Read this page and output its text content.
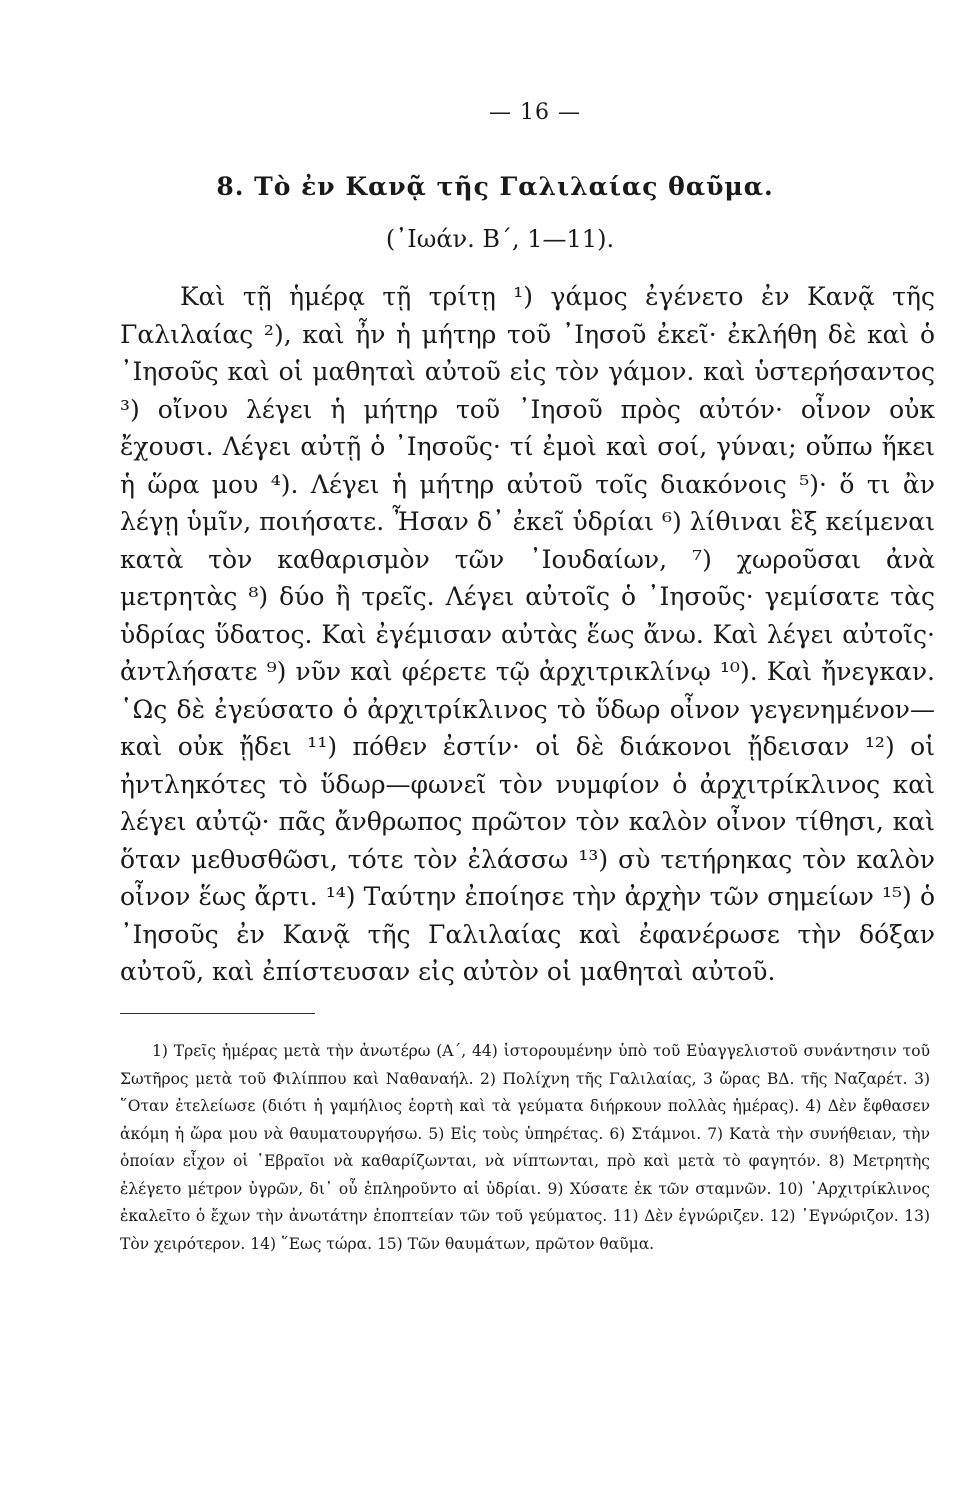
— 16 —
8. Τὸ ἐν Κανᾷ τῆς Γαλιλαίας θαῦμα.
(᾿Ιωάν. Β΄, 1—11).

Καὶ τῇ ἡμέρᾳ τῇ τρίτῃ ¹) γάμος ἐγένετο ἐν Κανᾷ τῆς Γαλιλαίας ²), καὶ ἦν ἡ μήτηρ τοῦ ᾿Ιησοῦ ἐκεῖ· ἐκλήθη δὲ καὶ ὁ ᾿Ιησοῦς καὶ οἱ μαθηταὶ αὐτοῦ εἰς τὸν γάμον. καὶ ὑστερήσαντος ³) οἴνου λέγει ἡ μήτηρ τοῦ ᾿Ιησοῦ πρὸς αὐτόν· οἶνον οὐκ ἔχουσι. Λέγει αὐτῇ ὁ ᾿Ιησοῦς· τί ἐμοὶ καὶ σοί, γύναι; οὔπω ἥκει ἡ ὥρα μου ⁴). Λέγει ἡ μήτηρ αὐτοῦ τοῖς διακόνοις ⁵)· ὅ τι ἂν λέγῃ ὑμῖν, ποιήσατε. Ἦσαν δ᾿ ἐκεῖ ὑδρίαι ⁶) λίθιναι ἓξ κείμεναι κατὰ τὸν καθαρισμὸν τῶν ᾿Ιουδαίων, ⁷) χωροῦσαι ἀνὰ μετρητὰς ⁸) δύο ἢ τρεῖς. Λέγει αὐτοῖς ὁ ᾿Ιησοῦς· γεμίσατε τὰς ὑδρίας ὕδατος. Καὶ ἐγέμισαν αὐτὰς ἕως ἄνω. Καὶ λέγει αὐτοῖς· ἀντλήσατε ⁹) νῦν καὶ φέρετε τῷ ἀρχιτρικλίνῳ ¹⁰). Καὶ ἤνεγκαν. ῾Ως δὲ ἐγεύσατο ὁ ἀρχιτρίκλινος τὸ ὕδωρ οἶνον γεγενημένον— καὶ οὐκ ᾔδει ¹¹) πόθεν ἐστίν· οἱ δὲ διάκονοι ᾔδεισαν ¹²) οἱ ἠντληκότες τὸ ὕδωρ—φωνεῖ τὸν νυμφίον ὁ ἀρχιτρίκλινος καὶ λέγει αὐτῷ· πᾶς ἄνθρωπος πρῶτον τὸν καλὸν οἶνον τίθησι, καὶ ὅταν μεθυσθῶσι, τότε τὸν ἐλάσσω ¹³) σὺ τετήρηκας τὸν καλὸν οἶνον ἕως ἄρτι. ¹⁴) Ταύτην ἐποίησε τὴν ἀρχὴν τῶν σημείων ¹⁵) ὁ ᾿Ιησοῦς ἐν Κανᾷ τῆς Γαλιλαίας καὶ ἐφανέρωσε τὴν δόξαν αὐτοῦ, καὶ ἐπίστευσαν εἰς αὐτὸν οἱ μαθηταὶ αὐτοῦ.

1) Τρεῖς ἡμέρας μετὰ τὴν ἀνωτέρω (Α΄, 44) ἱστορουμένην ὑπὸ τοῦ Εὐαγγελιστοῦ συνάντησιν τοῦ Σωτῆρος μετὰ τοῦ Φιλίππου καὶ Ναθαναήλ. 2) Πολίχνη τῆς Γαλιλαίας, 3 ὥρας ΒΔ. τῆς Ναζαρέτ. 3) ῞Οταν ἐτελείωσε (διότι ἡ γαμήλιος ἑορτὴ καὶ τὰ γεύματα διήρκουν πολλὰς ἡμέρας). 4) Δὲν ἔφθασεν ἀκόμη ἡ ὥρα μου νὰ θαυματουργήσω. 5) Εἰς τοὺς ὑπηρέτας. 6) Στάμνοι. 7) Κατὰ τὴν συνήθειαν, τὴν ὁποίαν εἶχον οἱ ῾Εβραῖοι νὰ καθαρίζωνται, νὰ νίπτωνται, πρὸ καὶ μετὰ τὸ φαγητόν. 8) Μετρητὴς ἐλέγετο μέτρον ὑγρῶν, δι᾿ οὗ ἐπληροῦντο αἱ ὑδρίαι. 9) Χύσατε ἐκ τῶν σταμνῶν. 10) ᾿Αρχιτρίκλινος ἐκαλεῖτο ὁ ἔχων τὴν ἀνωτάτην ἐποπτείαν τῶν τοῦ γεύματος. 11) Δὲν ἐγνώριζεν. 12) ᾿Εγνώριζον. 13) Τὸν χειρότερον. 14) ῞Εως τώρα. 15) Τῶν θαυμάτων, πρῶτον θαῦμα.
